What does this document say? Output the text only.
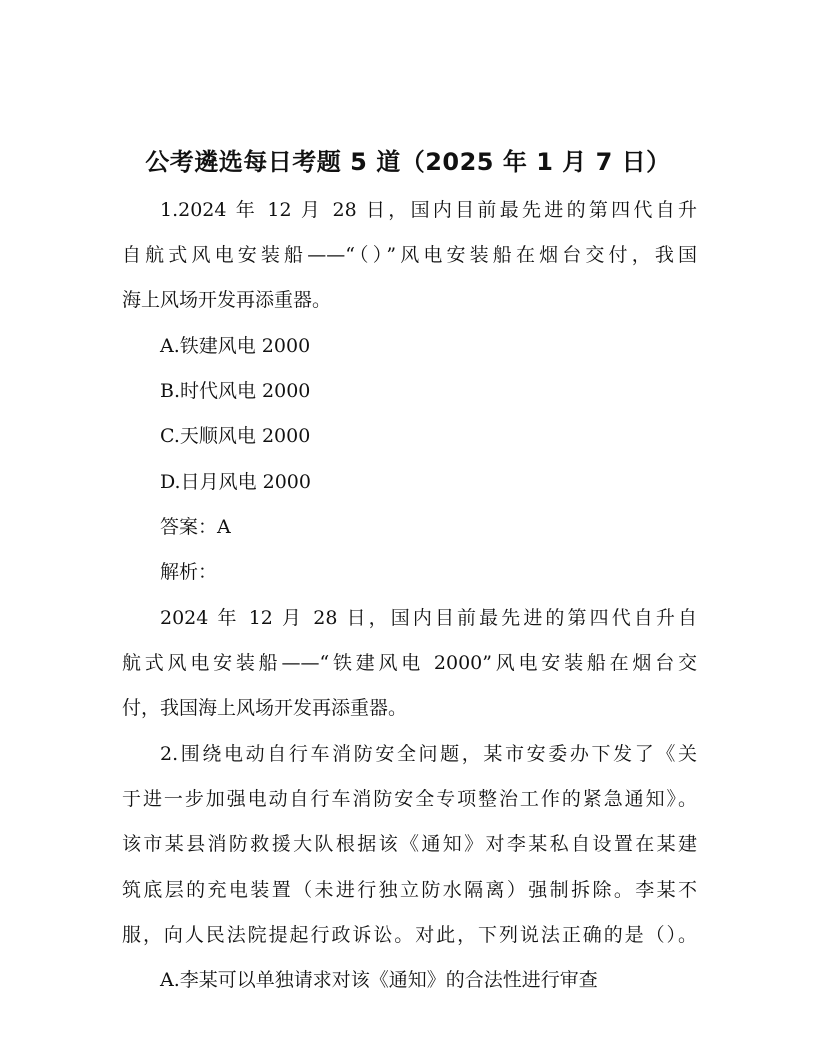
公考遴选每日考题 5 道（2025 年 1 月 7 日）

1.2024 年 12 月 28 日，国内目前最先进的第四代自升

自航式风电安装船——“（）”风电安装船在烟台交付，我国

海上风场开发再添重器。

A.铁建风电 2000

B.时代风电 2000

C.天顺风电 2000

D.日月风电 2000

答案：A

解析：

2024 年 12 月 28 日，国内目前最先进的第四代自升自

航式风电安装船——“铁建风电 2000”风电安装船在烟台交

付，我国海上风场开发再添重器。

2.围绕电动自行车消防安全问题，某市安委办下发了《关

于进一步加强电动自行车消防安全专项整治工作的紧急通知》。

该市某县消防救援大队根据该《通知》对李某私自设置在某建

筑底层的充电装置（未进行独立防水隔离）强制拆除。李某不

服，向人民法院提起行政诉讼。对此，下列说法正确的是（）。

A.李某可以单独请求对该《通知》的合法性进行审查
